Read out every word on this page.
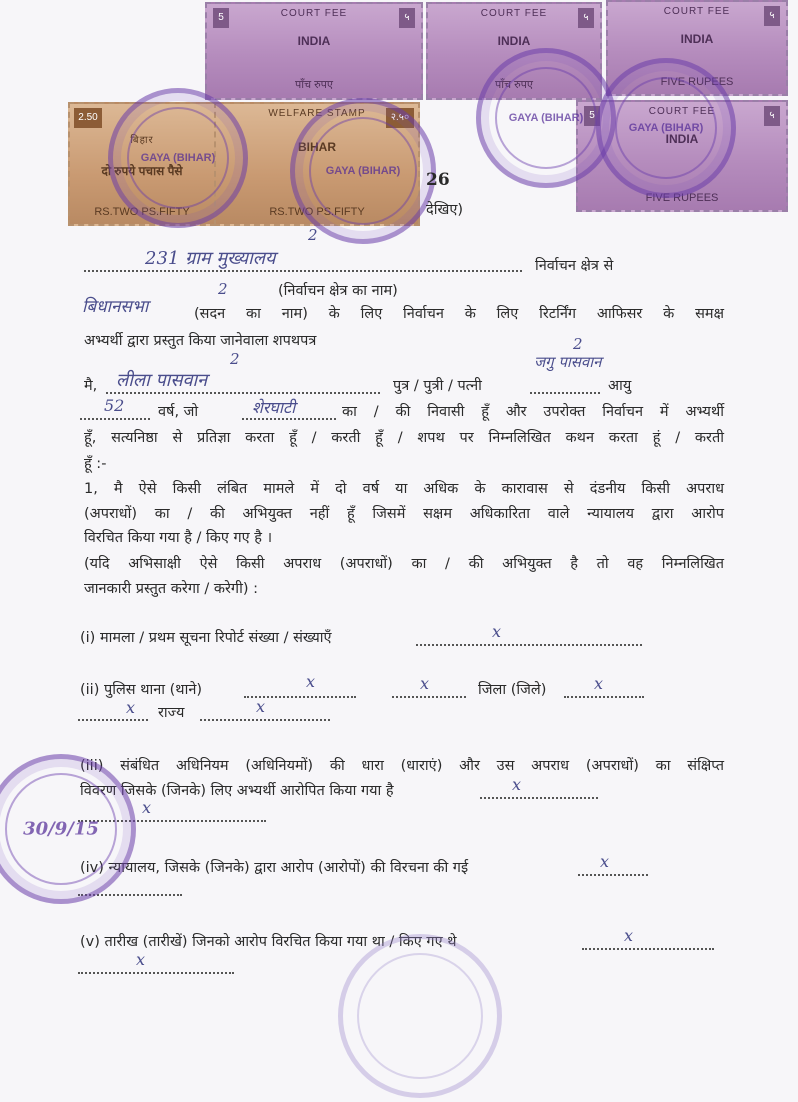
5	५
COURT FEE
INDIA
पाँच रुपए
५
COURT FEE
INDIA
पाँच रुपए
५
COURT FEE
INDIA
FIVE RUPEES
5	५
COURT FEE
INDIA
FIVE RUPEES
2.50
बिहार
दो रुपये पचास पैसे
RS.TWO PS.FIFTY
२.५०
WELFARE STAMP
BIHAR
RS.TWO PS.FIFTY
GAYA (BIHAR)
GAYA (BIHAR)
GAYA (BIHAR)
GAYA (BIHAR)
26
देखिए)
231 ग्राम मुख्यालय
2
निर्वाचन क्षेत्र से
(निर्वाचन क्षेत्र का नाम)
बिधानसभा
2
(सदन का नाम) के लिए निर्वाचन के लिए रिटर्निंग आफिसर के समक्ष
अभ्यर्थी द्वारा प्रस्तुत किया जानेवाला शपथपत्र
मै, लीला पासवान
2
पुत्र / पुत्री / पत्नी
जगु पासवान
2
आयु
52 वर्ष, जो	शेरघाटी	का / की निवासी हूँ और उपरोक्त निर्वाचन में अभ्यर्थी
हूँ, सत्यनिष्ठा से प्रतिज्ञा करता हूँ / करती हूँ / शपथ पर निम्नलिखित कथन करता हूं / करती
हूँ :-
1, मै ऐसे किसी लंबित मामले में दो वर्ष या अधिक के कारावास से दंडनीय किसी अपराध
(अपराधों) का / की अभियुक्त नहीं हूँ जिसमें सक्षम अधिकारिता वाले न्यायालय द्वारा आरोप
विरचित किया गया है / किए गए है ।
(यदि अभिसाक्षी ऐसे किसी अपराध (अपराधों) का / की अभियुक्त है तो वह निम्नलिखित
जानकारी प्रस्तुत करेगा / करेगी) :
(i) मामला / प्रथम सूचना रिपोर्ट संख्या / संख्याएँ	x
(ii) पुलिस थाना (थाने)	x	x	जिला (जिले)	x
x राज्य	x
(iii) संबंधित अधिनियम (अधिनियमों) की धारा (धाराएं) और उस अपराध (अपराधों) का संक्षिप्त
विवरण जिसके (जिनके) लिए अभ्यर्थी आरोपित किया गया है	x
x
(iv) न्यायालय, जिसके (जिनके) द्वारा आरोप (आरोपों) की विरचना की गई	x
(v) तारीख (तारीखें) जिनको आरोप विरचित किया गया था / किए गए थे	x
x
30/9/15
